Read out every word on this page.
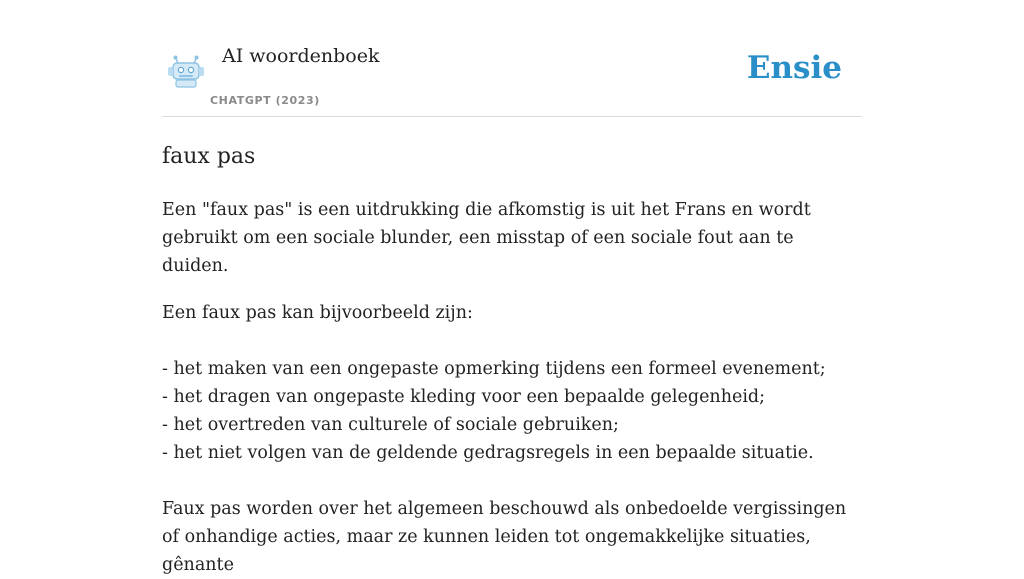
AI woordenboek
CHATGPT (2023)
Ensie
faux pas

Een "faux pas" is een uitdrukking die afkomstig is uit het Frans en wordt gebruikt om een sociale blunder, een misstap of een sociale fout aan te duiden.

Een faux pas kan bijvoorbeeld zijn:

- het maken van een ongepaste opmerking tijdens een formeel evenement;
- het dragen van ongepaste kleding voor een bepaalde gelegenheid;
- het overtreden van culturele of sociale gebruiken;
- het niet volgen van de geldende gedragsregels in een bepaalde situatie.

Faux pas worden over het algemeen beschouwd als onbedoelde vergissingen of onhandige acties, maar ze kunnen leiden tot ongemakkelijke situaties, gênante
